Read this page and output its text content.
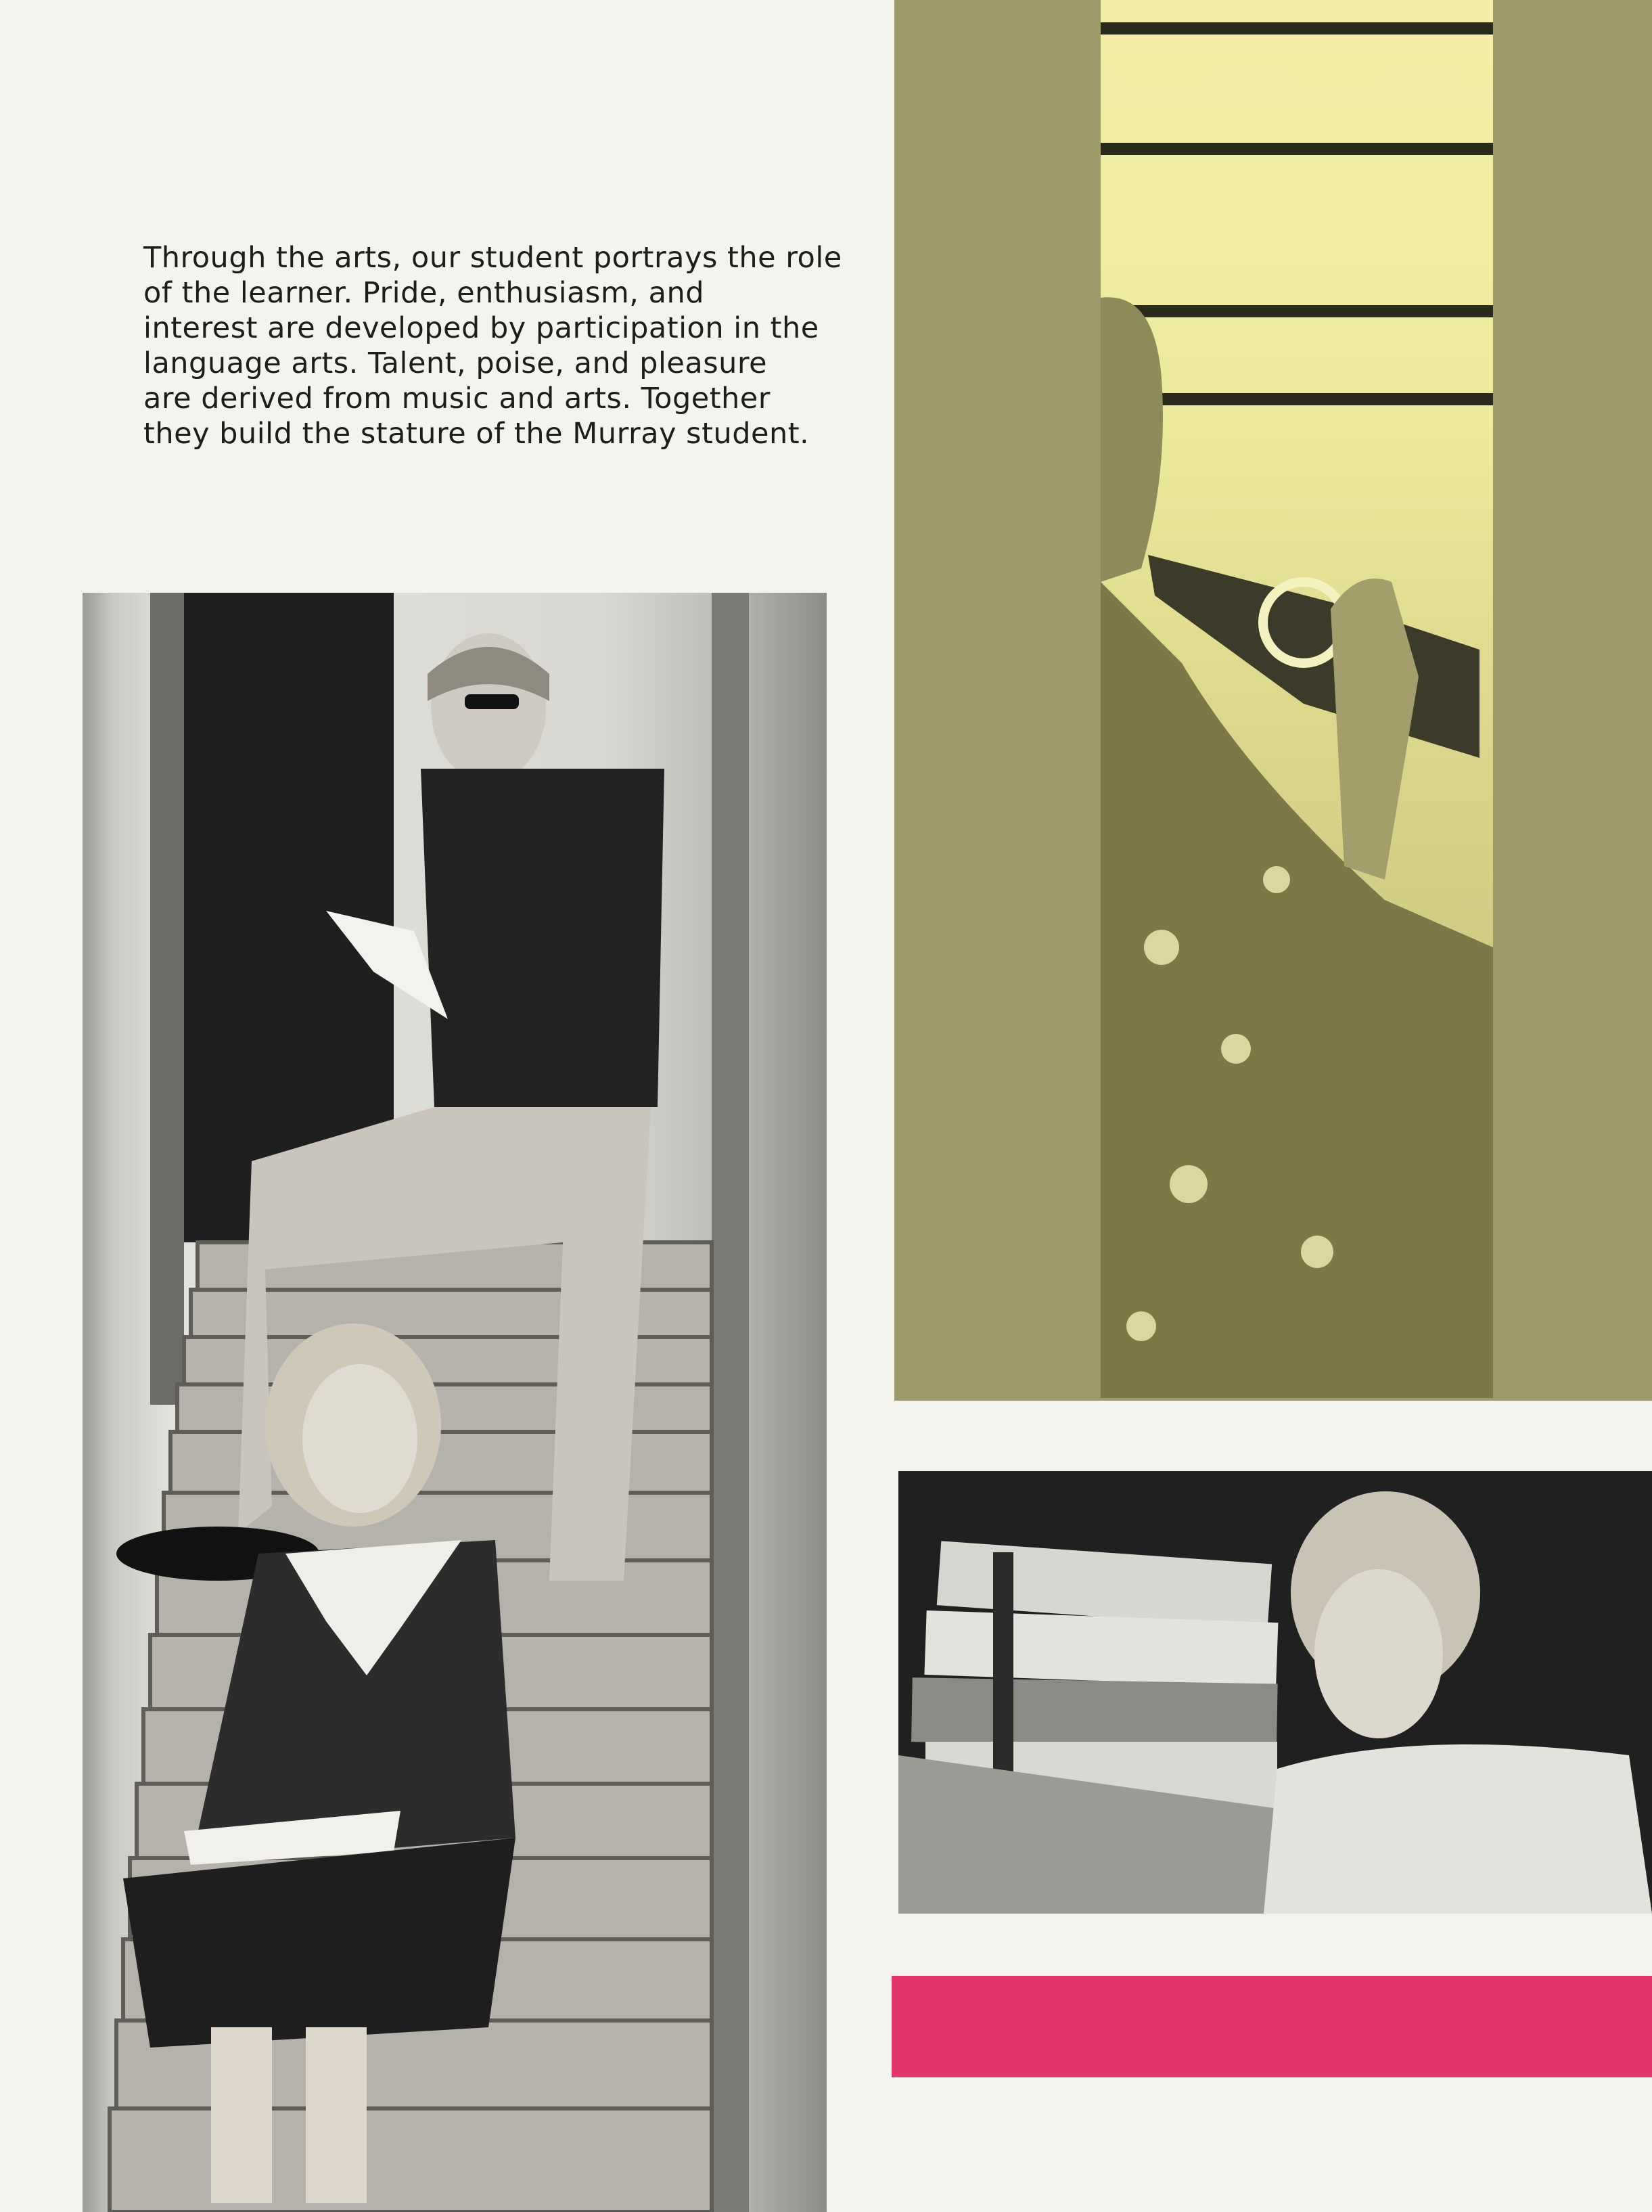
Through the arts, our student portrays the role
of the learner. Pride, enthusiasm, and
interest are developed by participation in the
language arts. Talent, poise, and pleasure
are derived from music and arts. Together
they build the stature of the Murray student.
